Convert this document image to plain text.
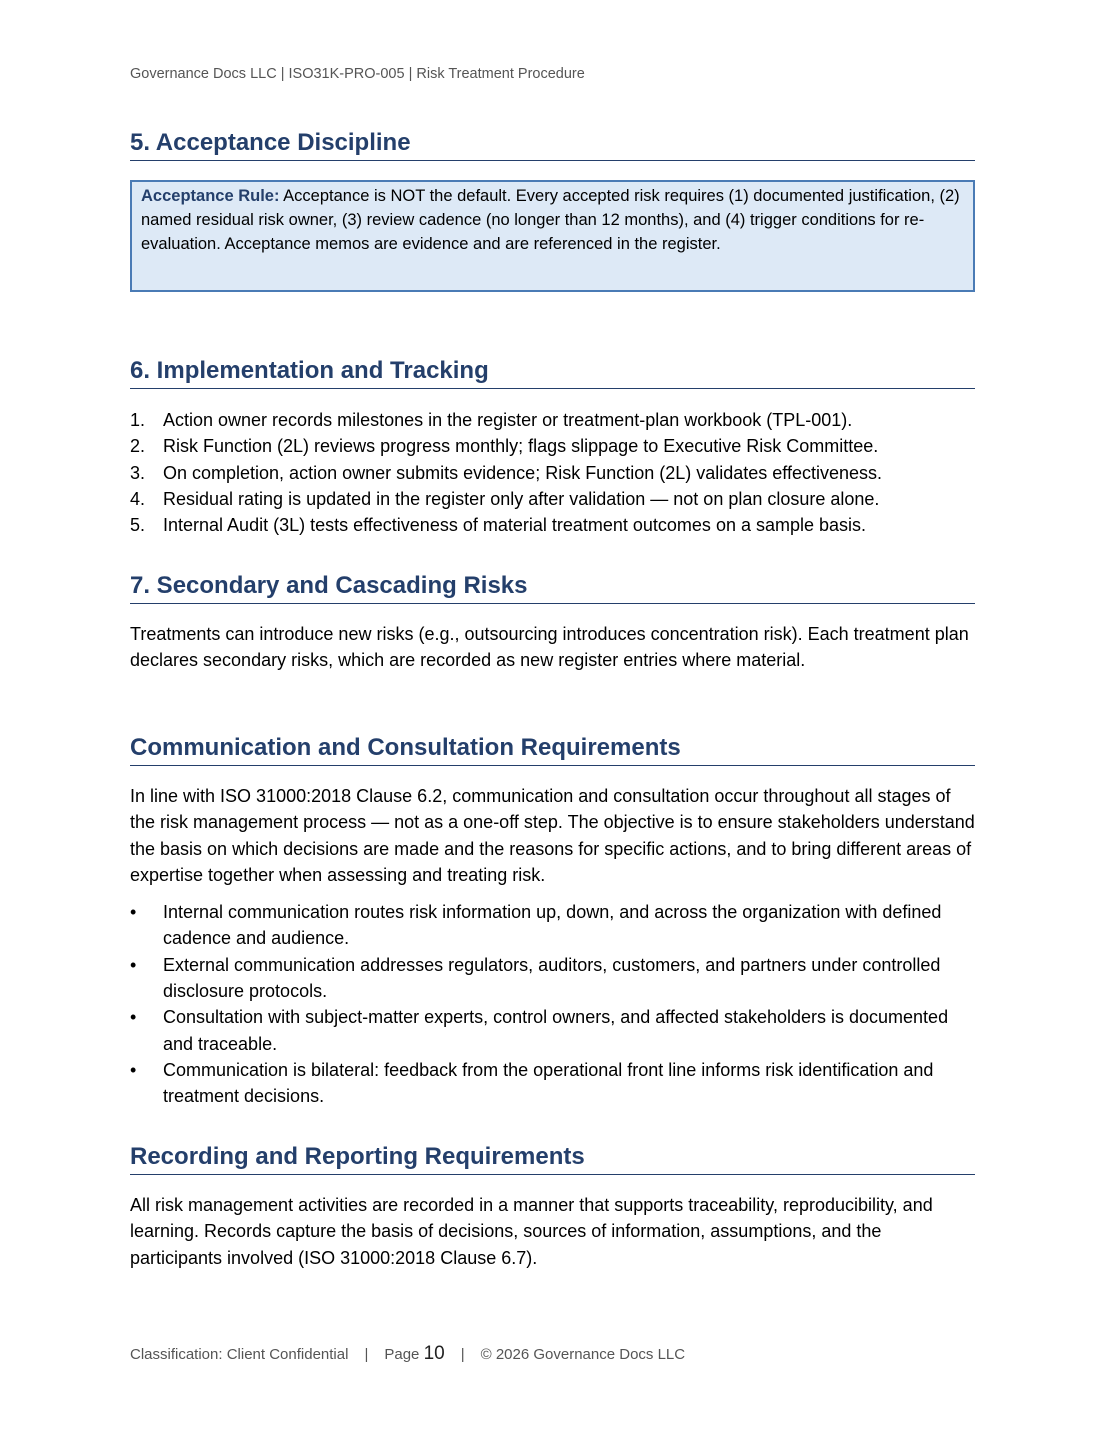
Governance Docs LLC | ISO31K-PRO-005 | Risk Treatment Procedure
5. Acceptance Discipline
Acceptance Rule: Acceptance is NOT the default. Every accepted risk requires (1) documented justification, (2) named residual risk owner, (3) review cadence (no longer than 12 months), and (4) trigger conditions for re-evaluation. Acceptance memos are evidence and are referenced in the register.
6. Implementation and Tracking
1. Action owner records milestones in the register or treatment-plan workbook (TPL-001).
2. Risk Function (2L) reviews progress monthly; flags slippage to Executive Risk Committee.
3. On completion, action owner submits evidence; Risk Function (2L) validates effectiveness.
4. Residual rating is updated in the register only after validation — not on plan closure alone.
5. Internal Audit (3L) tests effectiveness of material treatment outcomes on a sample basis.
7. Secondary and Cascading Risks

Treatments can introduce new risks (e.g., outsourcing introduces concentration risk). Each treatment plan declares secondary risks, which are recorded as new register entries where material.

Communication and Consultation Requirements

In line with ISO 31000:2018 Clause 6.2, communication and consultation occur throughout all stages of the risk management process — not as a one-off step. The objective is to ensure stakeholders understand the basis on which decisions are made and the reasons for specific actions, and to bring different areas of expertise together when assessing and treating risk.

• Internal communication routes risk information up, down, and across the organization with defined cadence and audience.
• External communication addresses regulators, auditors, customers, and partners under controlled disclosure protocols.
• Consultation with subject-matter experts, control owners, and affected stakeholders is documented and traceable.
• Communication is bilateral: feedback from the operational front line informs risk identification and treatment decisions.
Recording and Reporting Requirements

All risk management activities are recorded in a manner that supports traceability, reproducibility, and learning. Records capture the basis of decisions, sources of information, assumptions, and the participants involved (ISO 31000:2018 Clause 6.7).

Classification: Client Confidential | Page 10 | © 2026 Governance Docs LLC
